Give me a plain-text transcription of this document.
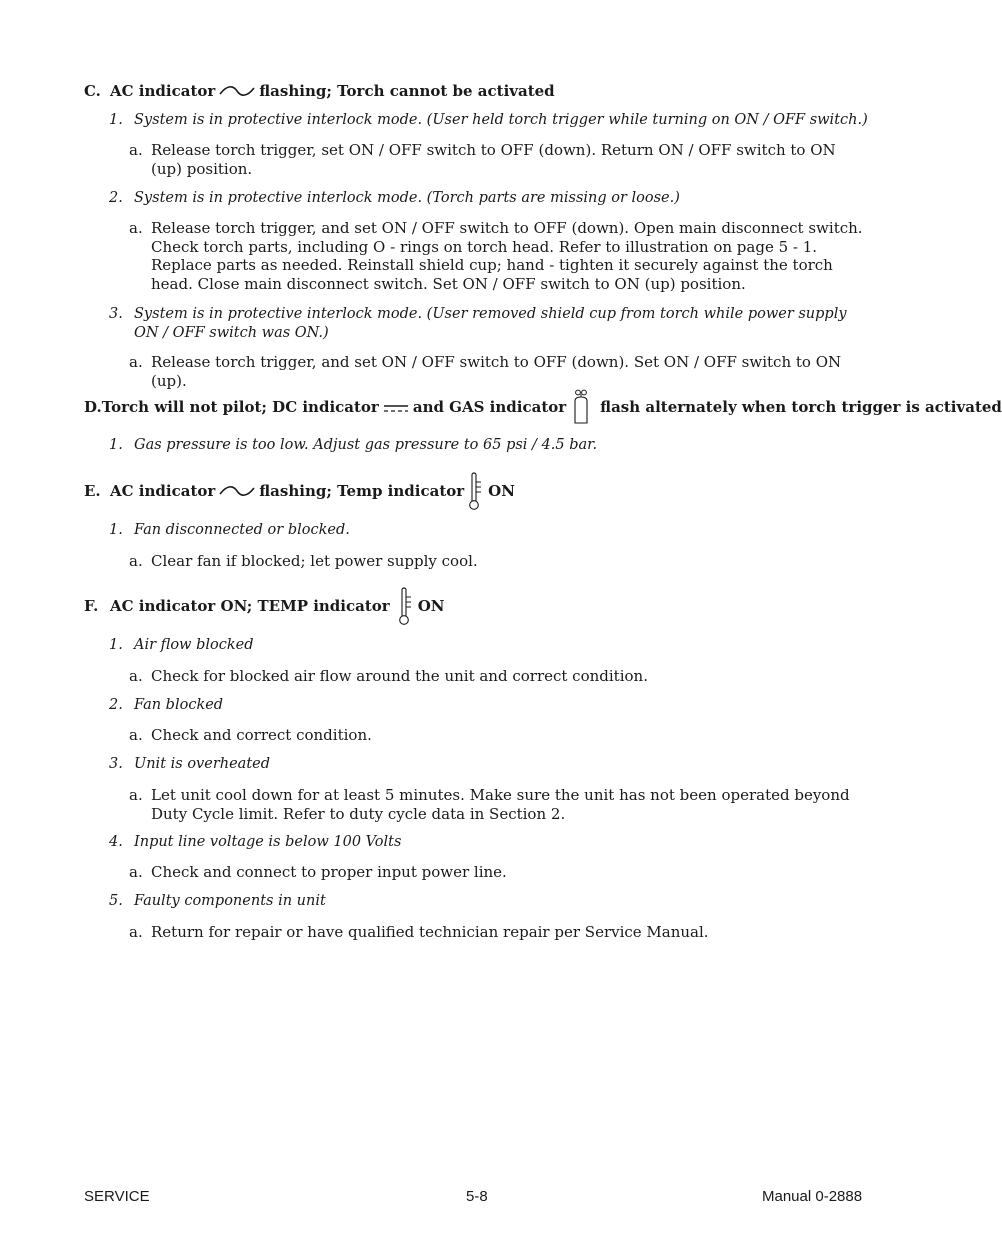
C. AC indicator	flashing; Torch cannot be activated
1. System is in protective interlock mode. (User held torch trigger while turning on ON / OFF switch.)
a. Release torch trigger, set ON / OFF switch to OFF (down). Return ON / OFF switch to ON (up) position.
2. System is in protective interlock mode. (Torch parts are missing or loose.)
a. Release torch trigger, and set ON / OFF switch to OFF (down). Open main disconnect switch. Check torch parts, including O - rings on torch head. Refer to illustration on page 5 - 1. Replace parts as needed. Reinstall shield cup; hand - tighten it securely against the torch head. Close main disconnect switch. Set ON / OFF switch to ON (up) position.
3. System is in protective interlock mode. (User removed shield cup from torch while power supply ON / OFF switch was ON.)
a. Release torch trigger, and set ON / OFF switch to OFF (down). Set ON / OFF switch to ON (up).
D. Torch will not pilot; DC indicator and GAS indicator flash alternately when torch trigger is activated
1. Gas pressure is too low. Adjust gas pressure to 65 psi / 4.5 bar.
E. AC indicator	flashing; Temp indicator ON
1. Fan disconnected or blocked.
a. Clear fan if blocked; let power supply cool.
F. AC indicator ON; TEMP indicator ON
1. Air flow blocked
a. Check for blocked air flow around the unit and correct condition.
2. Fan blocked
a. Check and correct condition.
3. Unit is overheated
a. Let unit cool down for at least 5 minutes. Make sure the unit has not been operated beyond Duty Cycle limit. Refer to duty cycle data in Section 2.
4. Input line voltage is below 100 Volts
a. Check and connect to proper input power line.
5. Faulty components in unit
a. Return for repair or have qualified technician repair per Service Manual.
SERVICE	5-8	Manual 0-2888
